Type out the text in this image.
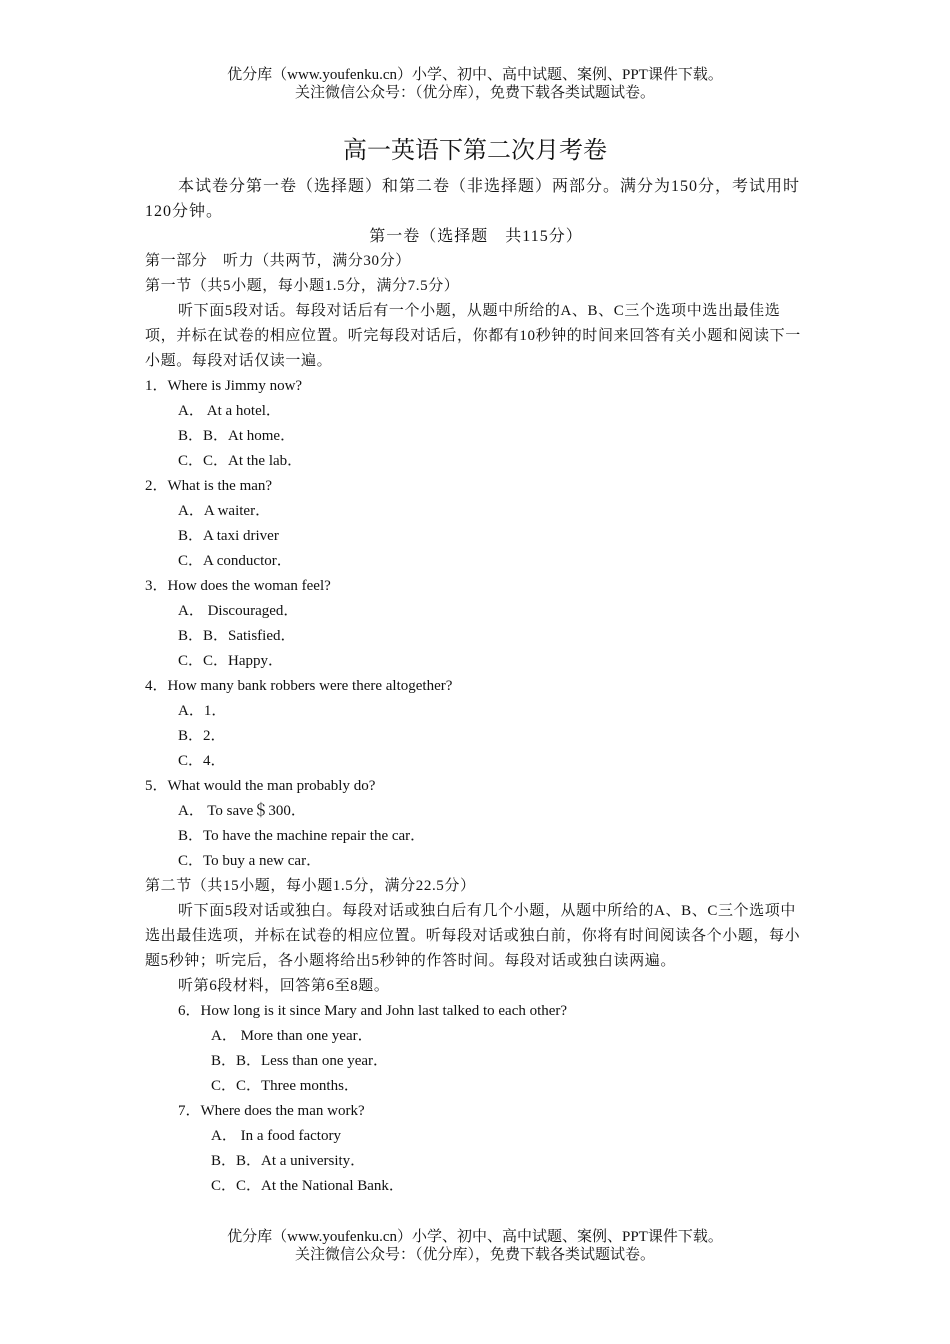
优分库（www.youfenku.cn）小学、初中、高中试题、案例、PPT课件下载。
关注微信公众号：（优分库），免费下载各类试题试卷。
高一英语下第二次月考卷

本试卷分第一卷（选择题）和第二卷（非选择题）两部分。满分为150分，考试用时120分钟。

第一卷（选择题　共115分）

第一部分　听力（共两节，满分30分）

第一节（共5小题，每小题1.5分，满分7.5分）

听下面5段对话。每段对话后有一个小题，从题中所给的A、B、C三个选项中选出最佳选项，并标在试卷的相应位置。听完每段对话后，你都有10秒钟的时间来回答有关小题和阅读下一小题。每段对话仅读一遍。

1．Where is Jimmy now?
A． At a hotel．
B．B．At home．
C．C．At the lab．
2．What is the man?
A．A waiter．
B．A taxi driver
C．A conductor．
3．How does the woman feel?
A． Discouraged．
B．B．Satisfied．
C．C．Happy．
4．How many bank robbers were there altogether?
A．1．
B．2．
C．4．
5．What would the man probably do?
A． To save＄300．
B．To have the machine repair the car．
C．To buy a new car．

第二节（共15小题，每小题1.5分，满分22.5分）

听下面5段对话或独白。每段对话或独白后有几个小题，从题中所给的A、B、C三个选项中选出最佳选项，并标在试卷的相应位置。听每段对话或独白前，你将有时间阅读各个小题，每小题5秒钟；听完后，各小题将给出5秒钟的作答时间。每段对话或独白读两遍。

听第6段材料，回答第6至8题。

6．How long is it since Mary and John last talked to each other?
A． More than one year．
B．B．Less than one year．
C．C．Three months．
7．Where does the man work?
A． In a food factory
B．B．At a university．
C．C．At the National Bank．
优分库（www.youfenku.cn）小学、初中、高中试题、案例、PPT课件下载。
关注微信公众号：（优分库），免费下载各类试题试卷。
